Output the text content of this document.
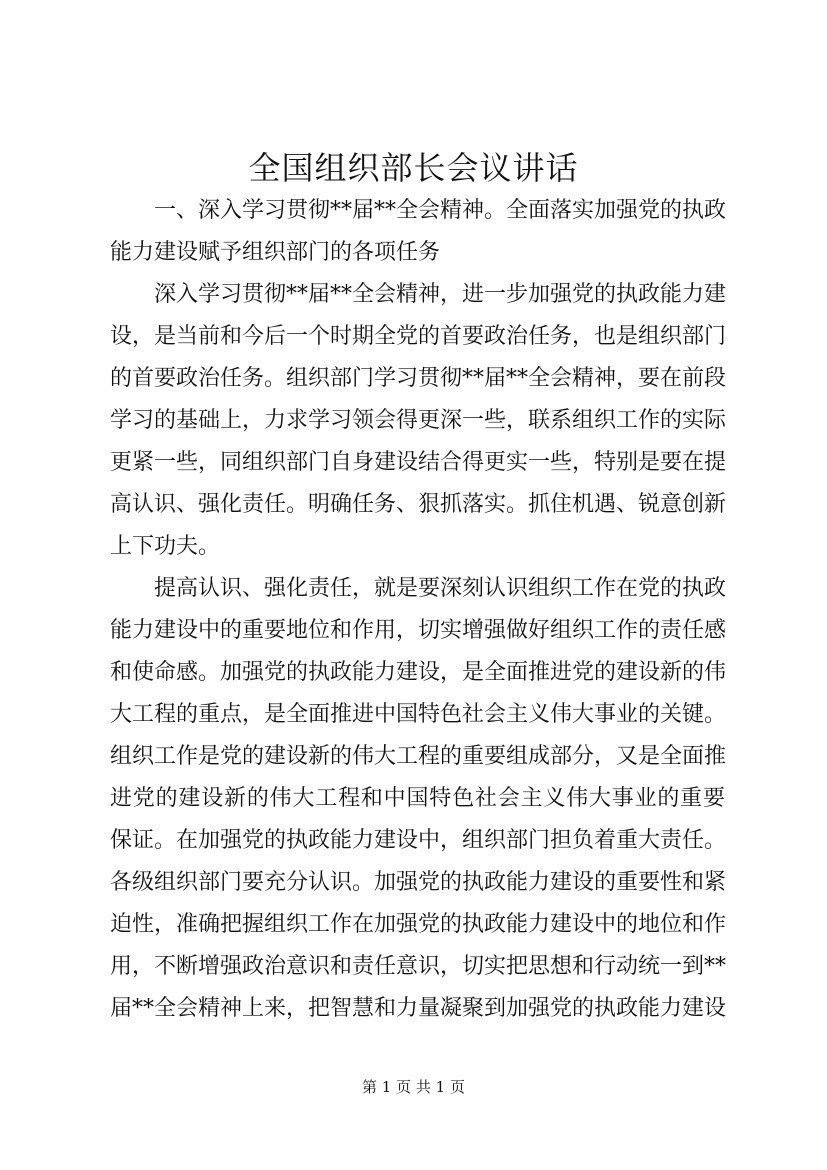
全国组织部长会议讲话
一、深入学习贯彻**届**全会精神。全面落实加强党的执政
能力建设赋予组织部门的各项任务
深入学习贯彻**届**全会精神，进一步加强党的执政能力建
设，是当前和今后一个时期全党的首要政治任务，也是组织部门
的首要政治任务。组织部门学习贯彻**届**全会精神，要在前段
学习的基础上，力求学习领会得更深一些，联系组织工作的实际
更紧一些，同组织部门自身建设结合得更实一些，特别是要在提
高认识、强化责任。明确任务、狠抓落实。抓住机遇、锐意创新
上下功夫。
提高认识、强化责任，就是要深刻认识组织工作在党的执政
能力建设中的重要地位和作用，切实增强做好组织工作的责任感
和使命感。加强党的执政能力建设，是全面推进党的建设新的伟
大工程的重点，是全面推进中国特色社会主义伟大事业的关键。
组织工作是党的建设新的伟大工程的重要组成部分，又是全面推
进党的建设新的伟大工程和中国特色社会主义伟大事业的重要
保证。在加强党的执政能力建设中，组织部门担负着重大责任。
各级组织部门要充分认识。加强党的执政能力建设的重要性和紧
迫性，准确把握组织工作在加强党的执政能力建设中的地位和作
用，不断增强政治意识和责任意识，切实把思想和行动统一到**
届**全会精神上来，把智慧和力量凝聚到加强党的执政能力建设
第 1 页 共 1 页
